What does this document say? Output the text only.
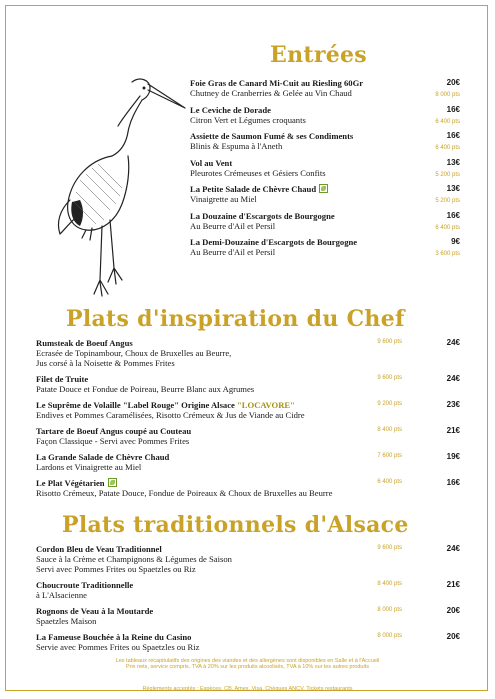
Entrées
Foie Gras de Canard Mi-Cuit au Riesling 60Gr
Chutney de Cranberries & Gelée au Vin Chaud
20€
8 000 pts
Le Ceviche de Dorade
Citron Vert et Légumes croquants
16€
6 400 pts
Assiette de Saumon Fumé & ses Condiments
Blinis & Espuma à l'Aneth
16€
6 400 pts
Vol au Vent
Pleurotes Crémeuses et Gésiers Confits
13€
5 200 pts
La Petite Salade de Chèvre Chaud
Vinaigrette au Miel
13€
5 200 pts
La Douzaine d'Escargots de Bourgogne
Au Beurre d'Ail et Persil
16€
6 400 pts
La Demi-Douzaine d'Escargots de Bourgogne
Au Beurre d'Ail et Persil
9€
3 600 pts
Plats d'inspiration du Chef
Rumsteak de Boeuf Angus
Ecrasée de Topinambour, Choux de Bruxelles au Beurre,
Jus corsé à la Noisette & Pommes Frites
9 600 pts	24€
Filet de Truite
Patate Douce et Fondue de Poireau, Beurre Blanc aux Agrumes
9 600 pts	24€
Le Suprême de Volaille "Label Rouge" Origine Alsace "LOCAVORE"
Endives et Pommes Caramélisées, Risotto Crémeux & Jus de Viande au Cidre
9 200 pts	23€
Tartare de Boeuf Angus coupé au Couteau
Façon Classique - Servi avec Pommes Frites
8 400 pts	21€
La Grande Salade de Chèvre Chaud
Lardons et Vinaigrette au Miel
7 600 pts	19€
Le Plat Végétarien
Risotto Crémeux, Patate Douce, Fondue de Poireaux & Choux de Bruxelles au Beurre
6 400 pts	16€
Plats traditionnels d'Alsace
Cordon Bleu de Veau Traditionnel
Sauce à la Crème et Champignons & Légumes de Saison
Servi avec Pommes Frites ou Spaetzles ou Riz
9 600 pts	24€
Choucroute Traditionnelle
à L'Alsacienne
8 400 pts	21€
Rognons de Veau à la Moutarde
Spaetzles Maison
8 000 pts	20€
La Fameuse Bouchée à la Reine du Casino
Servie avec Pommes Frites ou Spaetzles ou Riz
8 000 pts	20€
Les tableaux récapitulatifs des origines des viandes et des allergènes sont disponibles en Salle et à l'Accueil
Prix nets, service compris. TVA à 20% sur les produits alcoolisés, TVA à 10% sur les autres produits
Règlements acceptés : Espèces, CB, Amex, Visa, Chèques ANCV, Tickets restaurants
